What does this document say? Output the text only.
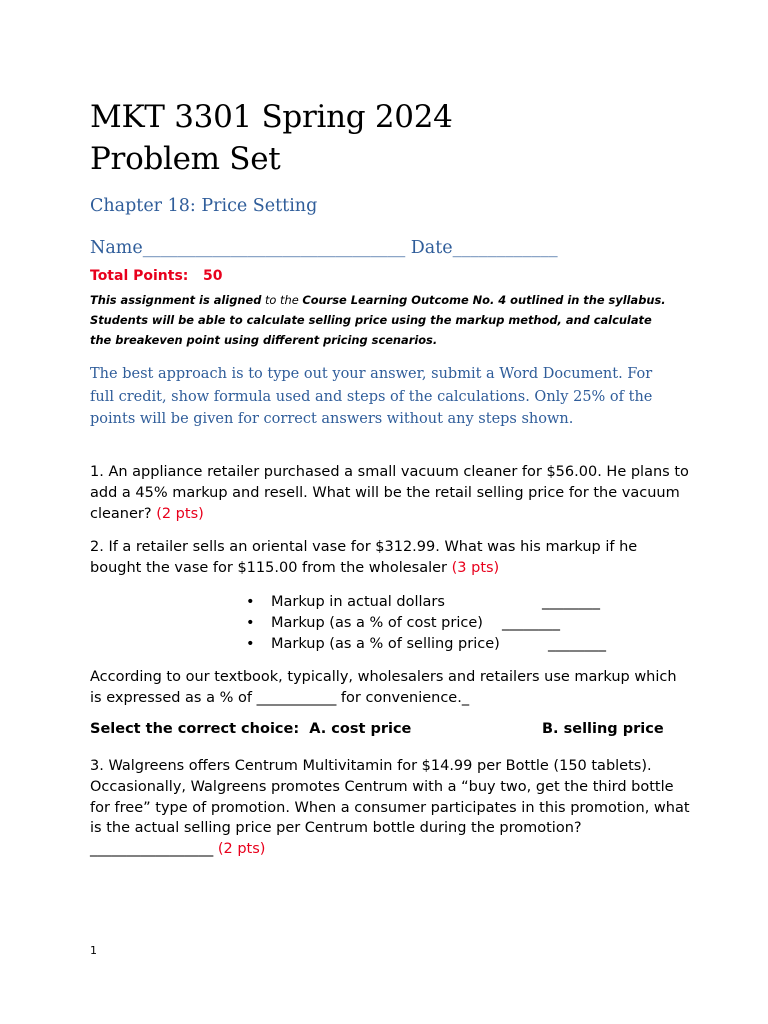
MKT 3301 Spring 2024
Problem Set
Chapter 18: Price Setting
Name______________________________ Date____________
Total Points: 50
This assignment is aligned to the Course Learning Outcome No. 4 outlined in the syllabus. Students will be able to calculate selling price using the markup method, and calculate the breakeven point using different pricing scenarios.
The best approach is to type out your answer, submit a Word Document. For full credit, show formula used and steps of the calculations. Only 25% of the points will be given for correct answers without any steps shown.
1. An appliance retailer purchased a small vacuum cleaner for $56.00. He plans to add a 45% markup and resell. What will be the retail selling price for the vacuum cleaner? (2 pts)
2. If a retailer sells an oriental vase for $312.99. What was his markup if he bought the vase for $115.00 from the wholesaler (3 pts)

•

Markup in actual dollars

	________

•

Markup (as a % of cost price)

________

•

Markup (as a % of selling price)

	________

According to our textbook, typically, wholesalers and retailers use markup which is expressed as a % of ___________ for convenience._
Select the correct choice:  A. cost price	B. selling price
3. Walgreens offers Centrum Multivitamin for $14.99 per Bottle (150 tablets). Occasionally, Walgreens promotes Centrum with a “buy two, get the third bottle for free” type of promotion. When a consumer participates in this promotion, what is the actual selling price per Centrum bottle during the promotion? _________________ (2 pts)
1
